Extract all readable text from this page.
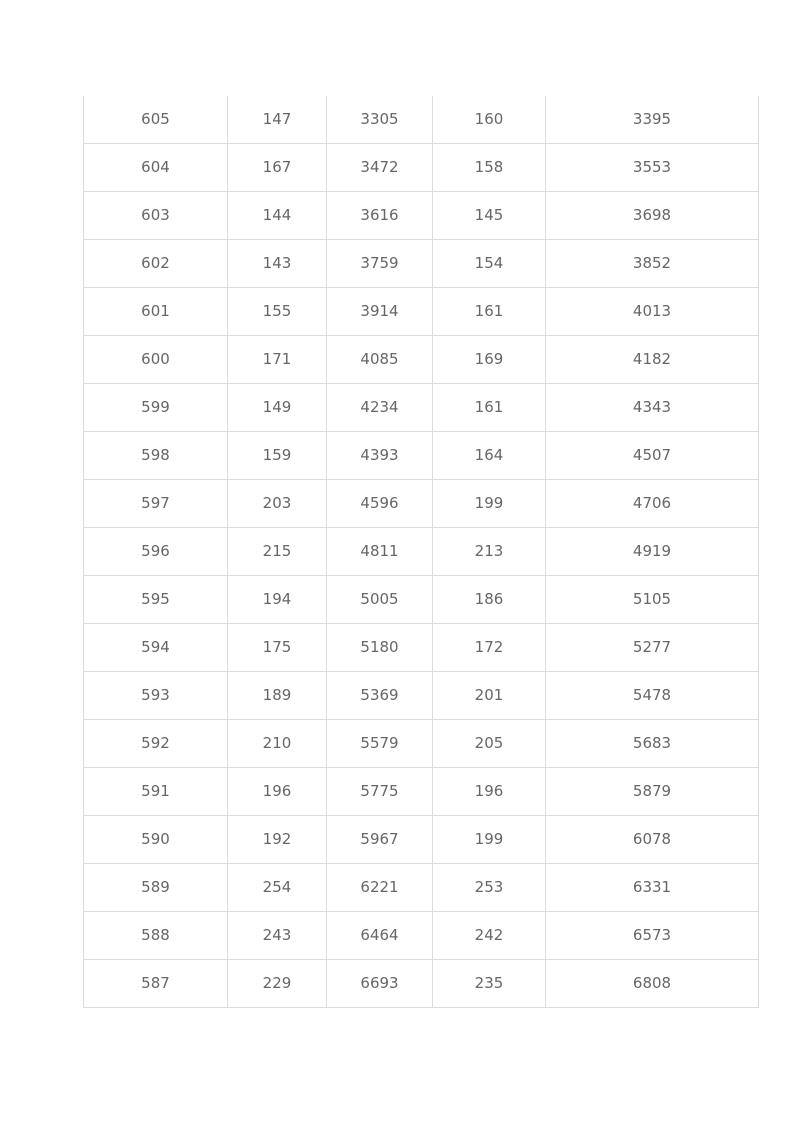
605	147	3305	160	3395
604	167	3472	158	3553
603	144	3616	145	3698
602	143	3759	154	3852
601	155	3914	161	4013
600	171	4085	169	4182
599	149	4234	161	4343
598	159	4393	164	4507
597	203	4596	199	4706
596	215	4811	213	4919
595	194	5005	186	5105
594	175	5180	172	5277
593	189	5369	201	5478
592	210	5579	205	5683
591	196	5775	196	5879
590	192	5967	199	6078
589	254	6221	253	6331
588	243	6464	242	6573
587	229	6693	235	6808
